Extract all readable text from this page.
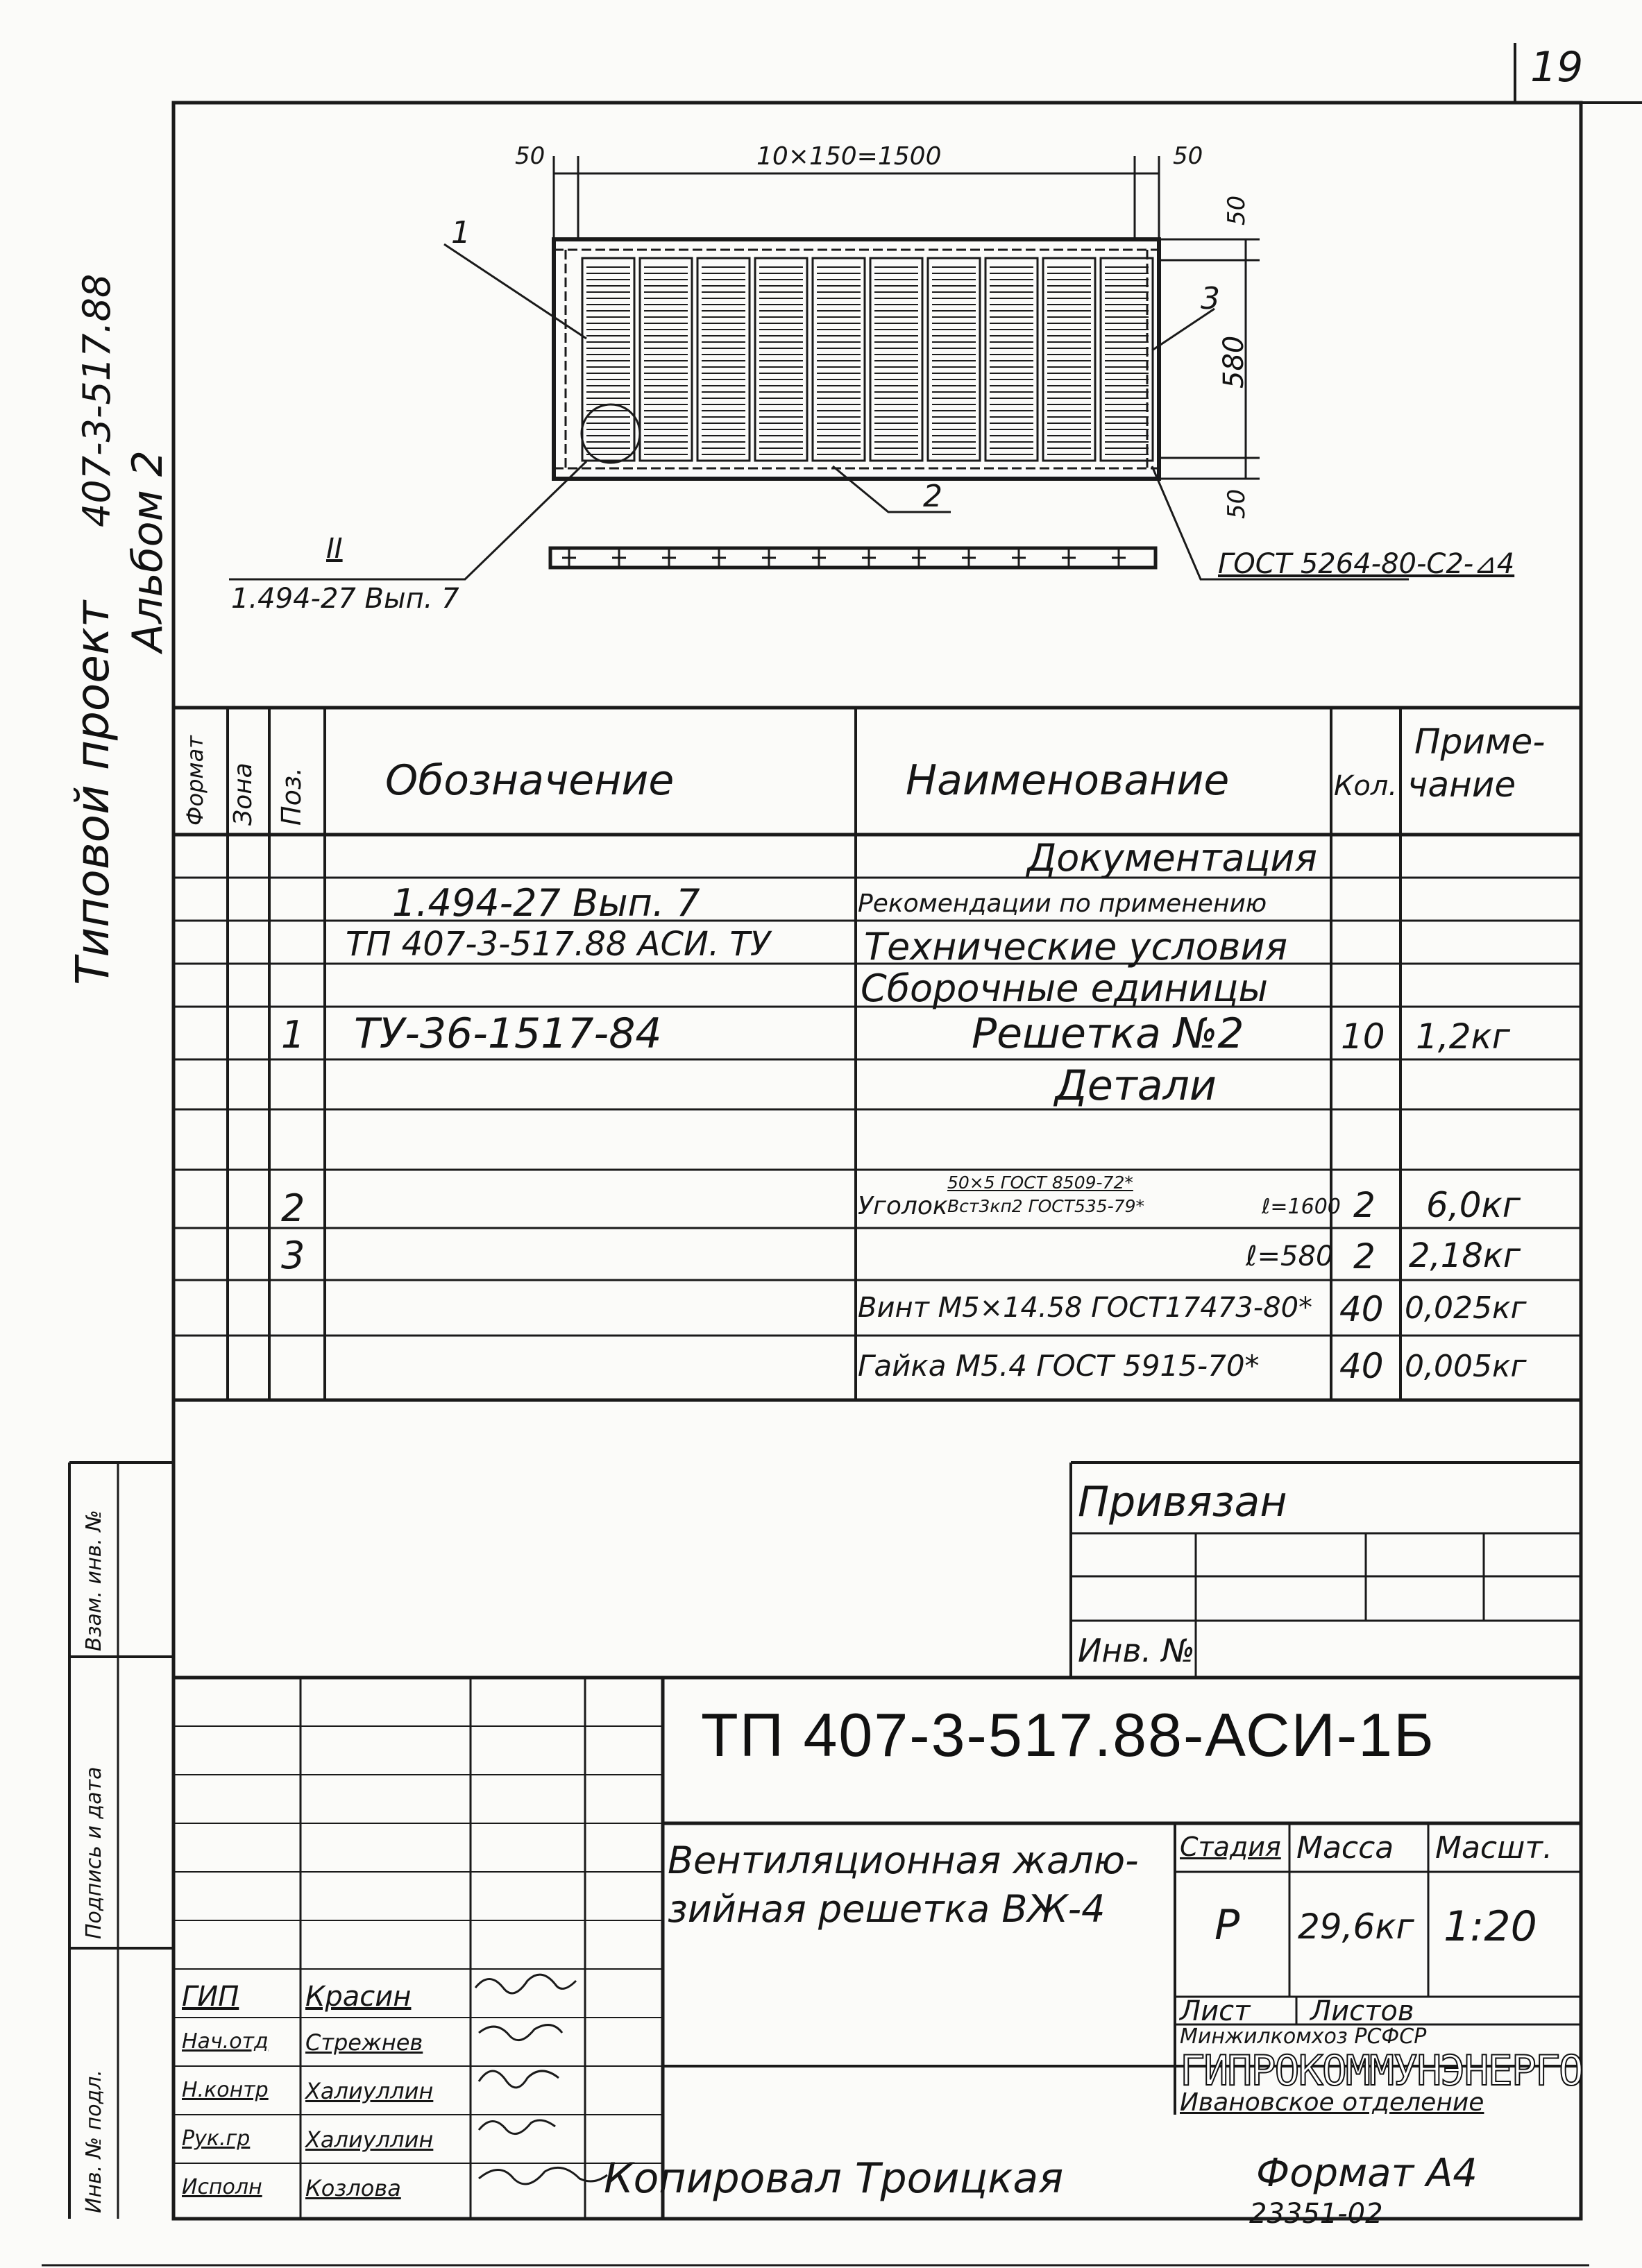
19
Типовой проект
407-3-517.88
Альбом 2
50	10×150=1500	50
50
580
50
1
2
3
II
1.494-27 Вып. 7
ГОСТ 5264-80-С2-⊿4
Формат Зона Поз. Обозначение	Наименование	Кол.
Приме-
чание
Документация
1.494-27 Вып. 7	Рекомендации по применению
ТП 407-3-517.88 АСИ. ТУ Технические условия
Сборочные единицы
1 ТУ-36-1517-84	Решетка №2	10 1,2кг
Детали
2	Уголок
50×5 ГОСТ 8509-72*
Вст3кп2 ГОСТ535-79*	ℓ=1600 2 6,0кг
3	ℓ=580 2 2,18кг
Винт М5×14.58 ГОСТ17473-80* 40 0,025кг
Гайка М5.4 ГОСТ 5915-70* 40 0,005кг
Привязан
Инв. №
Инв. № подл.
Подпись и дата
Взам. инв. №
ТП 407-3-517.88-АСИ-1Б
Вентиляционная жалю-
зийная решетка ВЖ-4
Стадия Масса Масшт.
Р 29,6кг 1:20
Лист Листов
Минжилкомхоз РСФСР
ГИПРОКОММУНЭНЕРГО
Ивановское отделение
ГИП Красин
Нач.отд Стрежнев
Н.контр Халиуллин
Рук.гр Халиуллин
Исполн Козлова	Копировал Троицкая	Формат А4
23351-02
